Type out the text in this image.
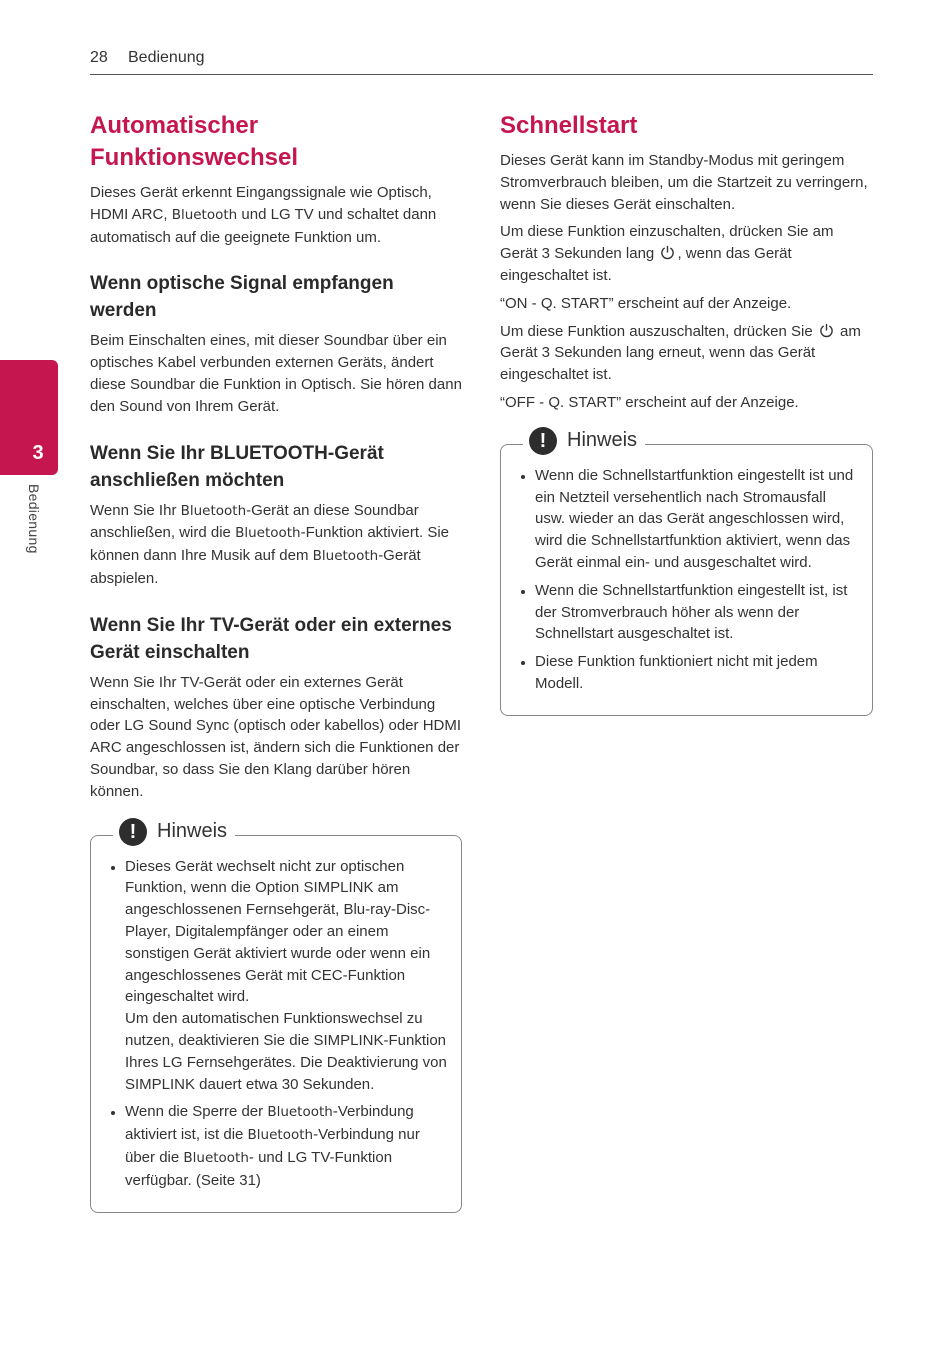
28 Bedienung
3
Bedienung
Automatischer Funktionswechsel

Dieses Gerät erkennt Eingangssignale wie Optisch, HDMI ARC, Bluetooth und LG TV und schaltet dann automatisch auf die geeignete Funktion um.

Wenn optische Signal empfangen werden

Beim Einschalten eines, mit dieser Soundbar über ein optisches Kabel verbunden externen Geräts, ändert diese Soundbar die Funktion in Optisch. Sie hören dann den Sound von Ihrem Gerät.

Wenn Sie Ihr BLUETOOTH-Gerät anschließen möchten

Wenn Sie Ihr Bluetooth-Gerät an diese Soundbar anschließen, wird die Bluetooth-Funktion aktiviert. Sie können dann Ihre Musik auf dem Bluetooth-Gerät abspielen.

Wenn Sie Ihr TV-Gerät oder ein externes Gerät einschalten

Wenn Sie Ihr TV-Gerät oder ein externes Gerät einschalten, welches über eine optische Verbindung oder LG Sound Sync (optisch oder kabellos) oder HDMI ARC angeschlossen ist, ändern sich die Funktionen der Soundbar, so dass Sie den Klang darüber hören können.

!	Hinweis
• Dieses Gerät wechselt nicht zur optischen Funktion, wenn die Option SIMPLINK am angeschlossenen Fernsehgerät, Blu-ray-Disc-Player, Digitalempfänger oder an einem sonstigen Gerät aktiviert wurde oder wenn ein angeschlossenes Gerät mit CEC-Funktion eingeschaltet wird.
Um den automatischen Funktionswechsel zu nutzen, deaktivieren Sie die SIMPLINK-Funktion Ihres LG Fernsehgerätes. Die Deaktivierung von SIMPLINK dauert etwa 30 Sekunden.
• Wenn die Sperre der Bluetooth-Verbindung aktiviert ist, ist die Bluetooth-Verbindung nur über die Bluetooth- und LG TV-Funktion verfügbar. (Seite 31)
Schnellstart

Dieses Gerät kann im Standby-Modus mit geringem Stromverbrauch bleiben, um die Startzeit zu verringern, wenn Sie dieses Gerät einschalten.

Um diese Funktion einzuschalten, drücken Sie am Gerät 3 Sekunden lang , wenn das Gerät eingeschaltet ist.

“ON - Q. START” erscheint auf der Anzeige.

Um diese Funktion auszuschalten, drücken Sie  am Gerät 3 Sekunden lang erneut, wenn das Gerät eingeschaltet ist.

“OFF - Q. START” erscheint auf der Anzeige.

!	Hinweis
• Wenn die Schnellstartfunktion eingestellt ist und ein Netzteil versehentlich nach Stromausfall usw. wieder an das Gerät angeschlossen wird, wird die Schnellstartfunktion aktiviert, wenn das Gerät einmal ein- und ausgeschaltet wird.
• Wenn die Schnellstartfunktion eingestellt ist, ist der Stromverbrauch höher als wenn der Schnellstart ausgeschaltet ist.
• Diese Funktion funktioniert nicht mit jedem Modell.
